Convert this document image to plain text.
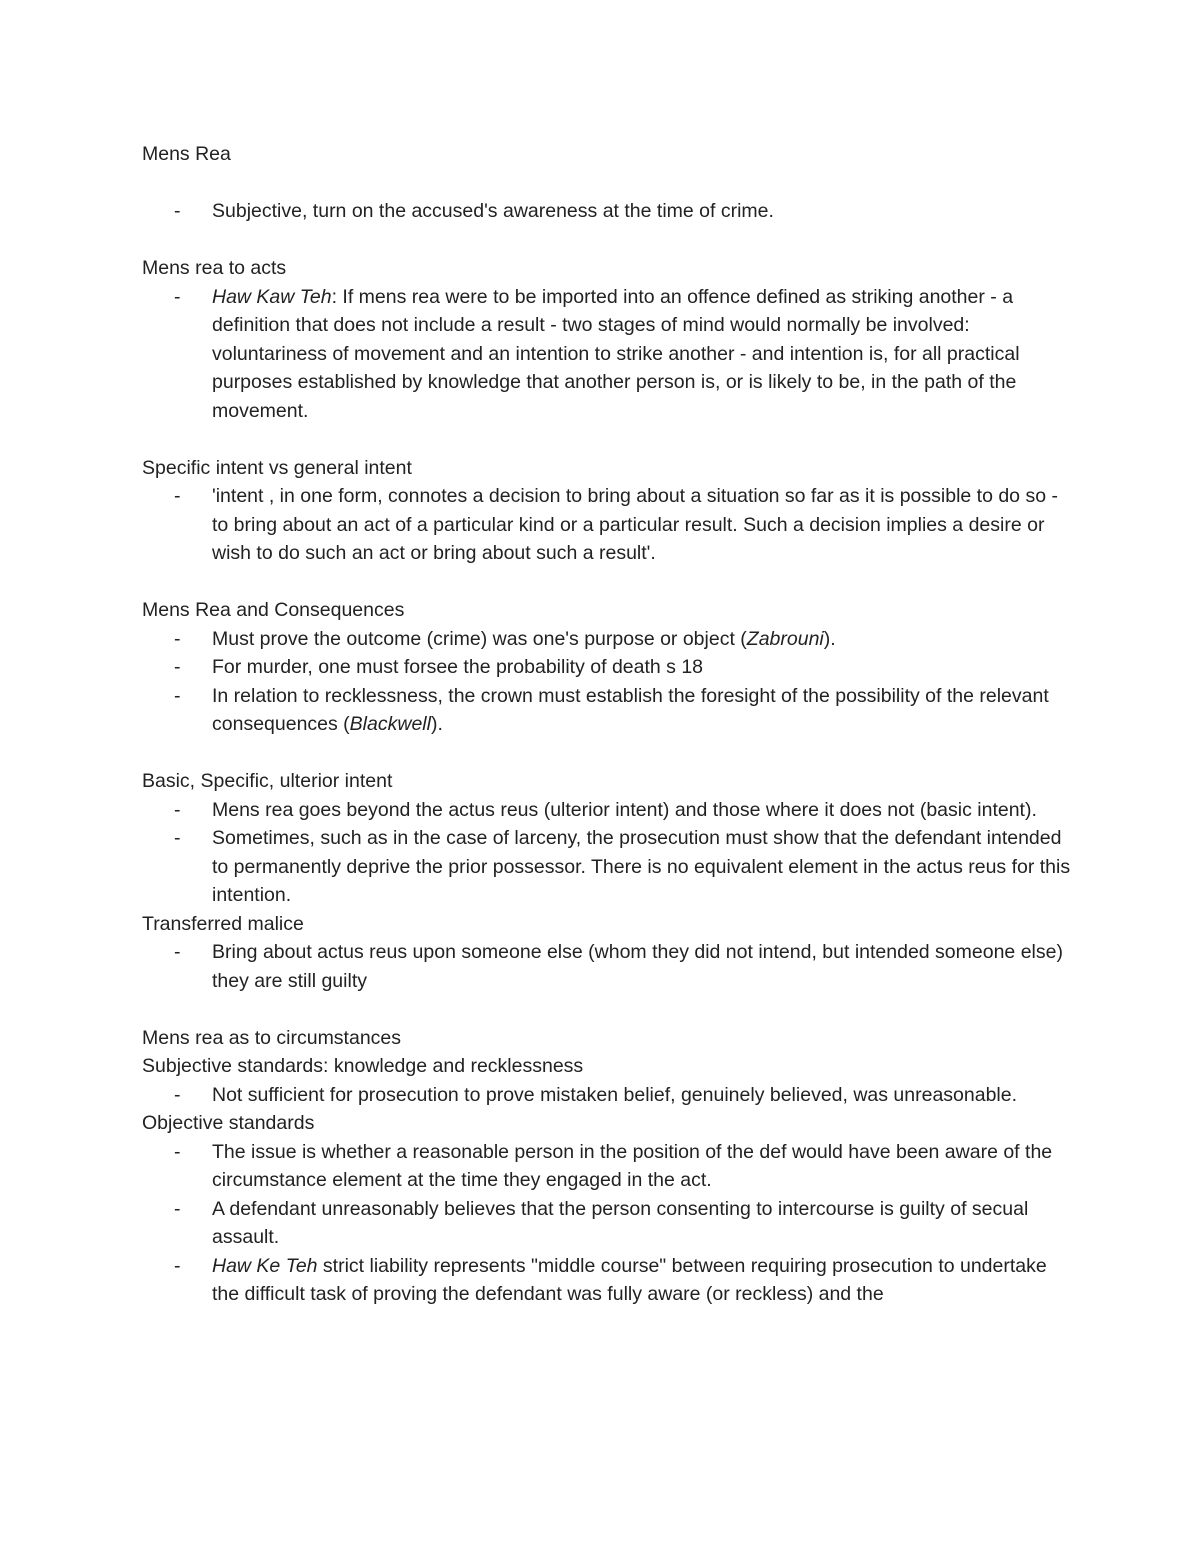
Mens Rea

- Subjective, turn on the accused's awareness at the time of crime.

Mens rea to acts

- Haw Kaw Teh: If mens rea were to be imported into an offence defined as striking another - a definition that does not include a result - two stages of mind would normally be involved: voluntariness of movement and an intention to strike another - and intention is, for all practical purposes established by knowledge that another person is, or is likely to be, in the path of the movement.

Specific intent vs general intent

- 'intent , in one form, connotes a decision to bring about a situation so far as it is possible to do so - to bring about an act of a particular kind or a particular result. Such a decision implies a desire or wish to do such an act or bring about such a result'.

Mens Rea and Consequences

- Must prove the outcome (crime) was one's purpose or object (Zabrouni).

- For murder, one must forsee the probability of death s 18

- In relation to recklessness, the crown must establish the foresight of the possibility of the relevant consequences (Blackwell).

Basic, Specific, ulterior intent

- Mens rea goes beyond the actus reus (ulterior intent) and those where it does not (basic intent).

- Sometimes, such as in the case of larceny, the prosecution must show that the defendant intended to permanently deprive the prior possessor. There is no equivalent element in the actus reus for this intention.

Transferred malice

- Bring about actus reus upon someone else (whom they did not intend, but intended someone else) they are still guilty

Mens rea as to circumstances

Subjective standards: knowledge and recklessness

- Not sufficient for prosecution to prove mistaken belief, genuinely believed, was unreasonable.

Objective standards

- The issue is whether a reasonable person in the position of the def would have been aware of the circumstance element at the time they engaged in the act.

- A defendant unreasonably believes that the person consenting to intercourse is guilty of secual assault.

- Haw Ke Teh strict liability represents "middle course" between requiring prosecution to undertake the difficult task of proving the defendant was fully aware (or reckless) and the
